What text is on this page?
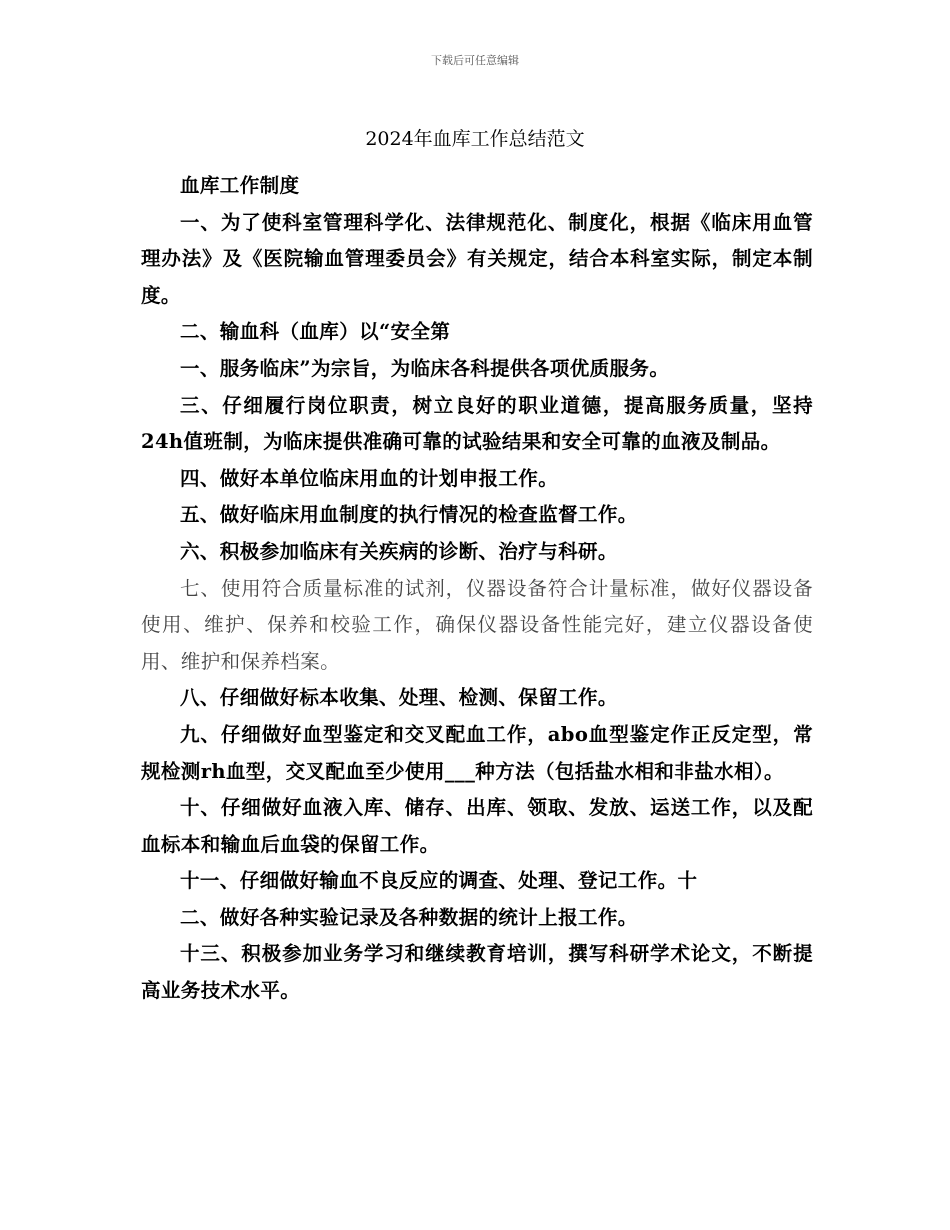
下载后可任意编辑
2024年血库工作总结范文

血库工作制度

一、为了使科室管理科学化、法律规范化、制度化，根据《临床用血管理办法》及《医院输血管理委员会》有关规定，结合本科室实际，制定本制度。

二、输血科（血库）以“安全第

一、服务临床”为宗旨，为临床各科提供各项优质服务。

三、仔细履行岗位职责，树立良好的职业道德，提高服务质量，坚持24h值班制，为临床提供准确可靠的试验结果和安全可靠的血液及制品。

四、做好本单位临床用血的计划申报工作。

五、做好临床用血制度的执行情况的检查监督工作。

六、积极参加临床有关疾病的诊断、治疗与科研。

七、使用符合质量标准的试剂，仪器设备符合计量标准，做好仪器设备使用、维护、保养和校验工作，确保仪器设备性能完好，建立仪器设备使用、维护和保养档案。

八、仔细做好标本收集、处理、检测、保留工作。

九、仔细做好血型鉴定和交叉配血工作，abo血型鉴定作正反定型，常规检测rh血型，交叉配血至少使用___种方法（包括盐水相和非盐水相）。

十、仔细做好血液入库、储存、出库、领取、发放、运送工作，以及配血标本和输血后血袋的保留工作。

十一、仔细做好输血不良反应的调查、处理、登记工作。十

二、做好各种实验记录及各种数据的统计上报工作。

十三、积极参加业务学习和继续教育培训，撰写科研学术论文，不断提高业务技术水平。
